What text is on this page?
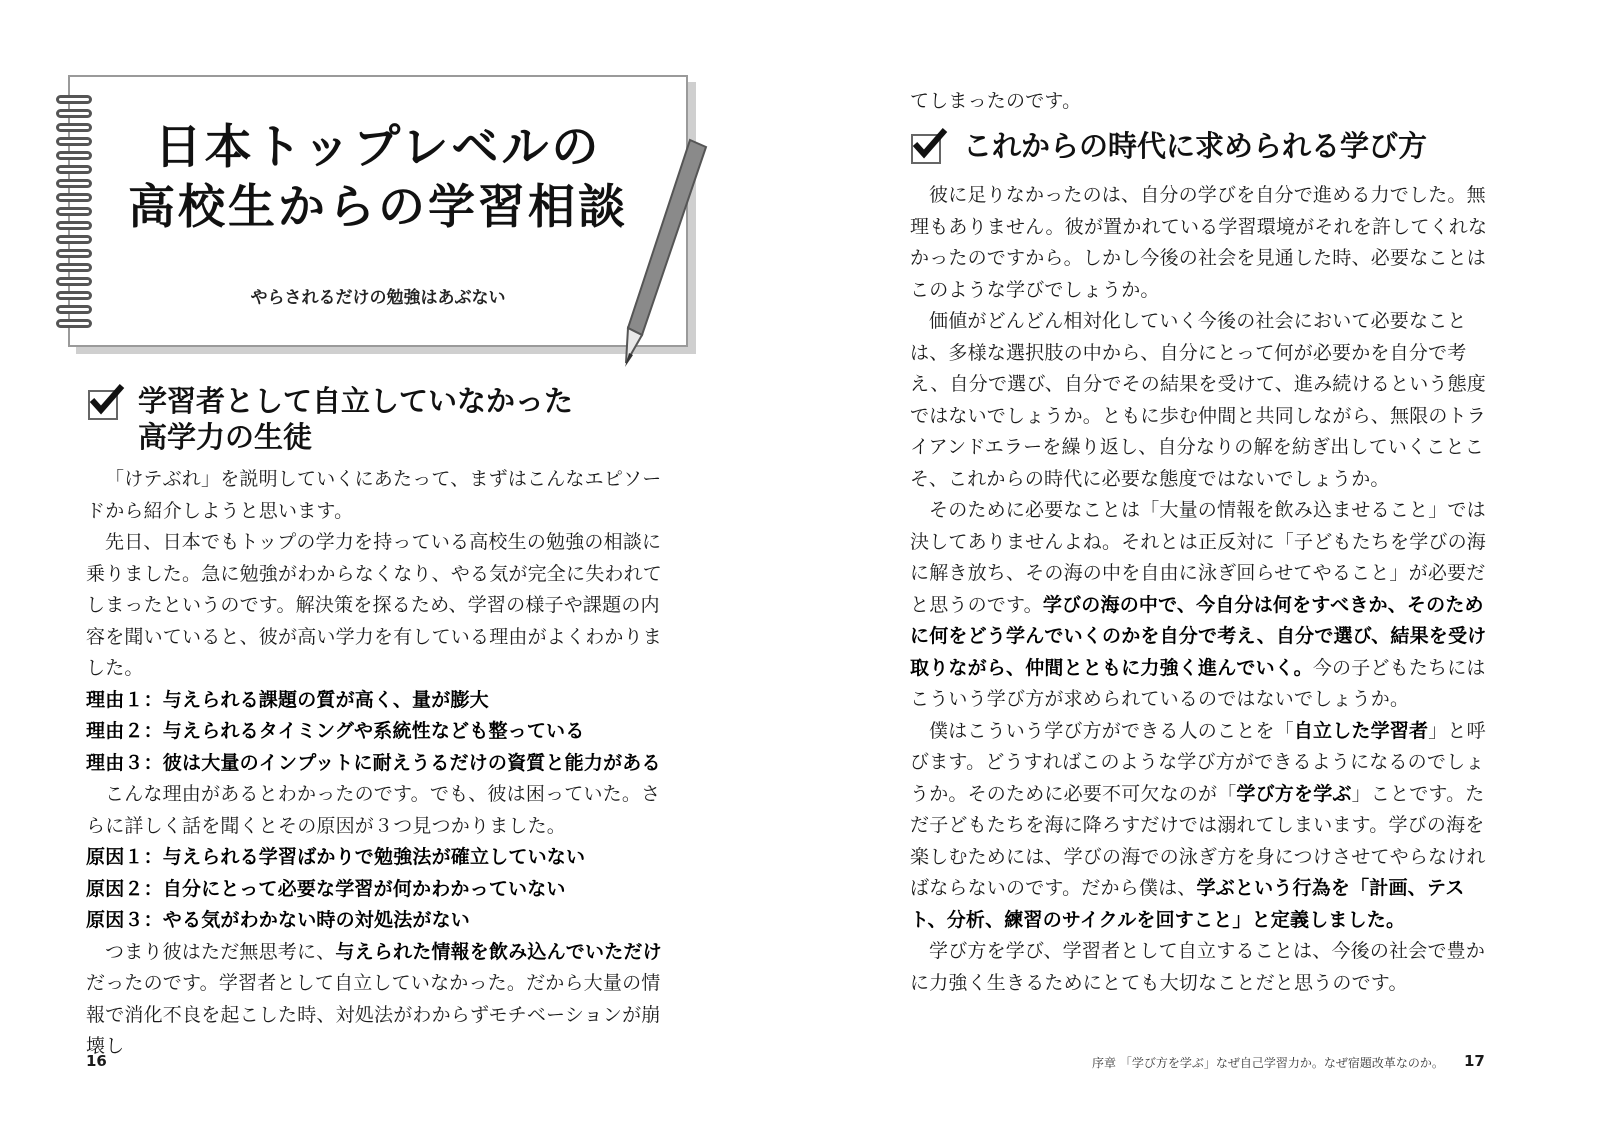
日本トップレベルの
高校生からの学習相談
やらされるだけの勉強はあぶない
学習者として自立していなかった
高学力の生徒

「けテぶれ」を説明していくにあたって、まずはこんなエピソードから紹介しようと思います。

先日、日本でもトップの学力を持っている高校生の勉強の相談に乗りました。急に勉強がわからなくなり、やる気が完全に失われてしまったというのです。解決策を探るため、学習の様子や課題の内容を聞いていると、彼が高い学力を有している理由がよくわかりました。

理由１：与えられる課題の質が高く、量が膨大

理由２：与えられるタイミングや系統性なども整っている

理由３：彼は大量のインプットに耐えうるだけの資質と能力がある

こんな理由があるとわかったのです。でも、彼は困っていた。さらに詳しく話を聞くとその原因が３つ見つかりました。

原因１：与えられる学習ばかりで勉強法が確立していない

原因２：自分にとって必要な学習が何かわかっていない

原因３：やる気がわかない時の対処法がない

つまり彼はただ無思考に、与えられた情報を飲み込んでいただけだったのです。学習者として自立していなかった。だから大量の情報で消化不良を起こした時、対処法がわからずモチベーションが崩壊し

16
てしまったのです。
これからの時代に求められる学び方

彼に足りなかったのは、自分の学びを自分で進める力でした。無理もありません。彼が置かれている学習環境がそれを許してくれなかったのですから。しかし今後の社会を見通した時、必要なことはこのような学びでしょうか。

価値がどんどん相対化していく今後の社会において必要なことは、多様な選択肢の中から、自分にとって何が必要かを自分で考え、自分で選び、自分でその結果を受けて、進み続けるという態度ではないでしょうか。ともに歩む仲間と共同しながら、無限のトライアンドエラーを繰り返し、自分なりの解を紡ぎ出していくことこそ、これからの時代に必要な態度ではないでしょうか。

そのために必要なことは「大量の情報を飲み込ませること」では決してありませんよね。それとは正反対に「子どもたちを学びの海に解き放ち、その海の中を自由に泳ぎ回らせてやること」が必要だと思うのです。学びの海の中で、今自分は何をすべきか、そのために何をどう学んでいくのかを自分で考え、自分で選び、結果を受け取りながら、仲間とともに力強く進んでいく。今の子どもたちにはこういう学び方が求められているのではないでしょうか。

僕はこういう学び方ができる人のことを「自立した学習者」と呼びます。どうすればこのような学び方ができるようになるのでしょうか。そのために必要不可欠なのが「学び方を学ぶ」ことです。ただ子どもたちを海に降ろすだけでは溺れてしまいます。学びの海を楽しむためには、学びの海での泳ぎ方を身につけさせてやらなければならないのです。だから僕は、学ぶという行為を「計画、テスト、分析、練習のサイクルを回すこと」と定義しました。

学び方を学び、学習者として自立することは、今後の社会で豊かに力強く生きるためにとても大切なことだと思うのです。

序章 「学び方を学ぶ」なぜ自己学習力か。なぜ宿題改革なのか。 17
